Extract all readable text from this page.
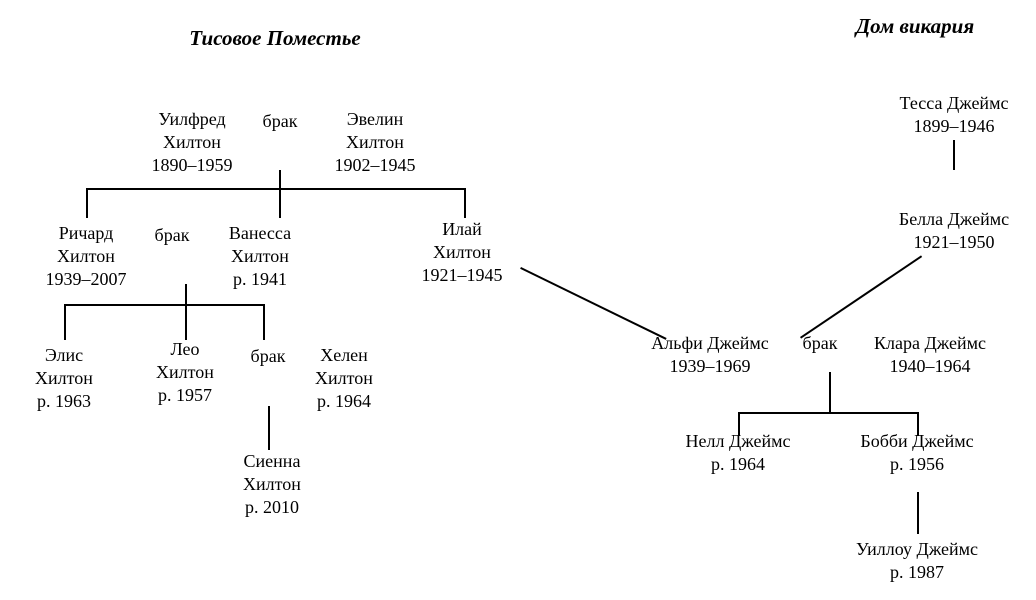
Тисовое Поместье	Дом викария
Уилфред
Хилтон
1890–1959
брак	Эвелин
Хилтон
1902–1945
Ричард
Хилтон
1939–2007
брак	Ванесса
Хилтон
р. 1941
Илай
Хилтон
1921–1945
Элис
Хилтон
р. 1963
Лео
Хилтон
р. 1957
брак	Хелен
Хилтон
р. 1964
Сиенна
Хилтон
р. 2010
Тесса Джеймс
1899–1946
Белла Джеймс
1921–1950
Альфи Джеймс
1939–1969
брак	Клара Джеймс
1940–1964
Нелл Джеймс
р. 1964
Бобби Джеймс
р. 1956
Уиллоу Джеймс
р. 1987
